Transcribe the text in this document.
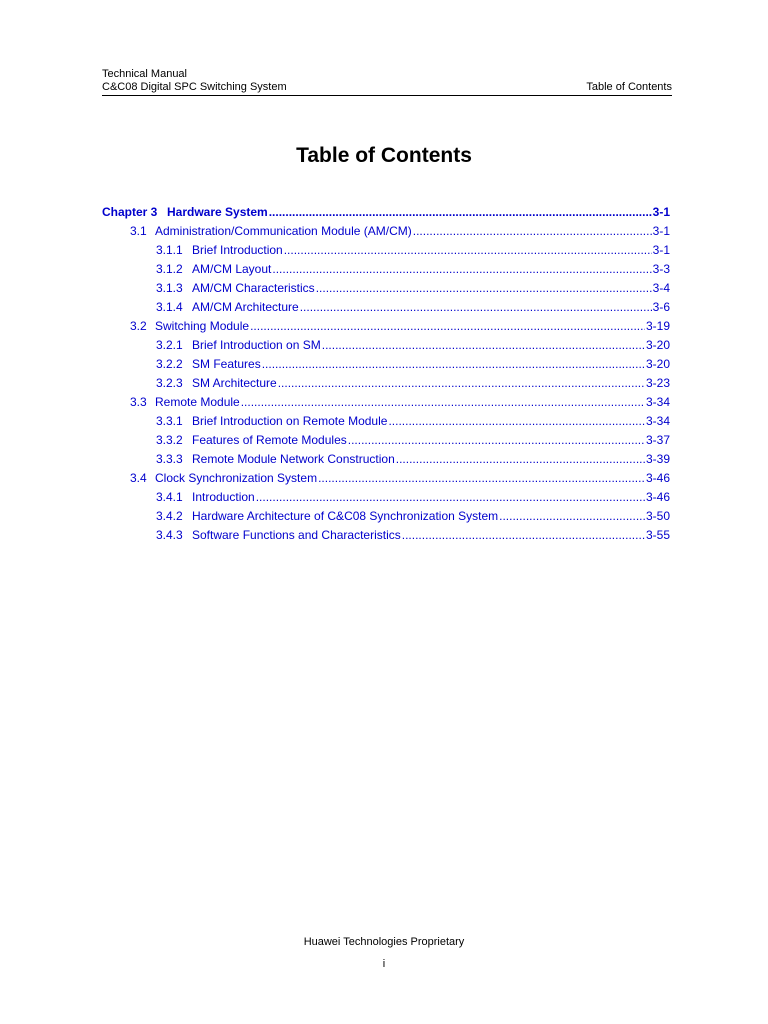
Technical Manual
C&C08 Digital SPC Switching System	Table of Contents
Table of Contents
Chapter 3 Hardware System .....	3-1
3.1 Administration/Communication Module (AM/CM) .....	3-1
3.1.1 Brief Introduction .....	3-1
3.1.2 AM/CM Layout .....	3-3
3.1.3 AM/CM Characteristics .....	3-4
3.1.4 AM/CM Architecture .....	3-6
3.2 Switching Module .....	3-19
3.2.1 Brief Introduction on SM .....	3-20
3.2.2 SM Features .....	3-20
3.2.3 SM Architecture .....	3-23
3.3 Remote Module .....	3-34
3.3.1 Brief Introduction on Remote Module .....	3-34
3.3.2 Features of Remote Modules .....	3-37
3.3.3 Remote Module Network Construction .....	3-39
3.4 Clock Synchronization System .....	3-46
3.4.1 Introduction .....	3-46
3.4.2 Hardware Architecture of C&C08 Synchronization System .....	3-50
3.4.3 Software Functions and Characteristics .....	3-55
Huawei Technologies Proprietary
i
